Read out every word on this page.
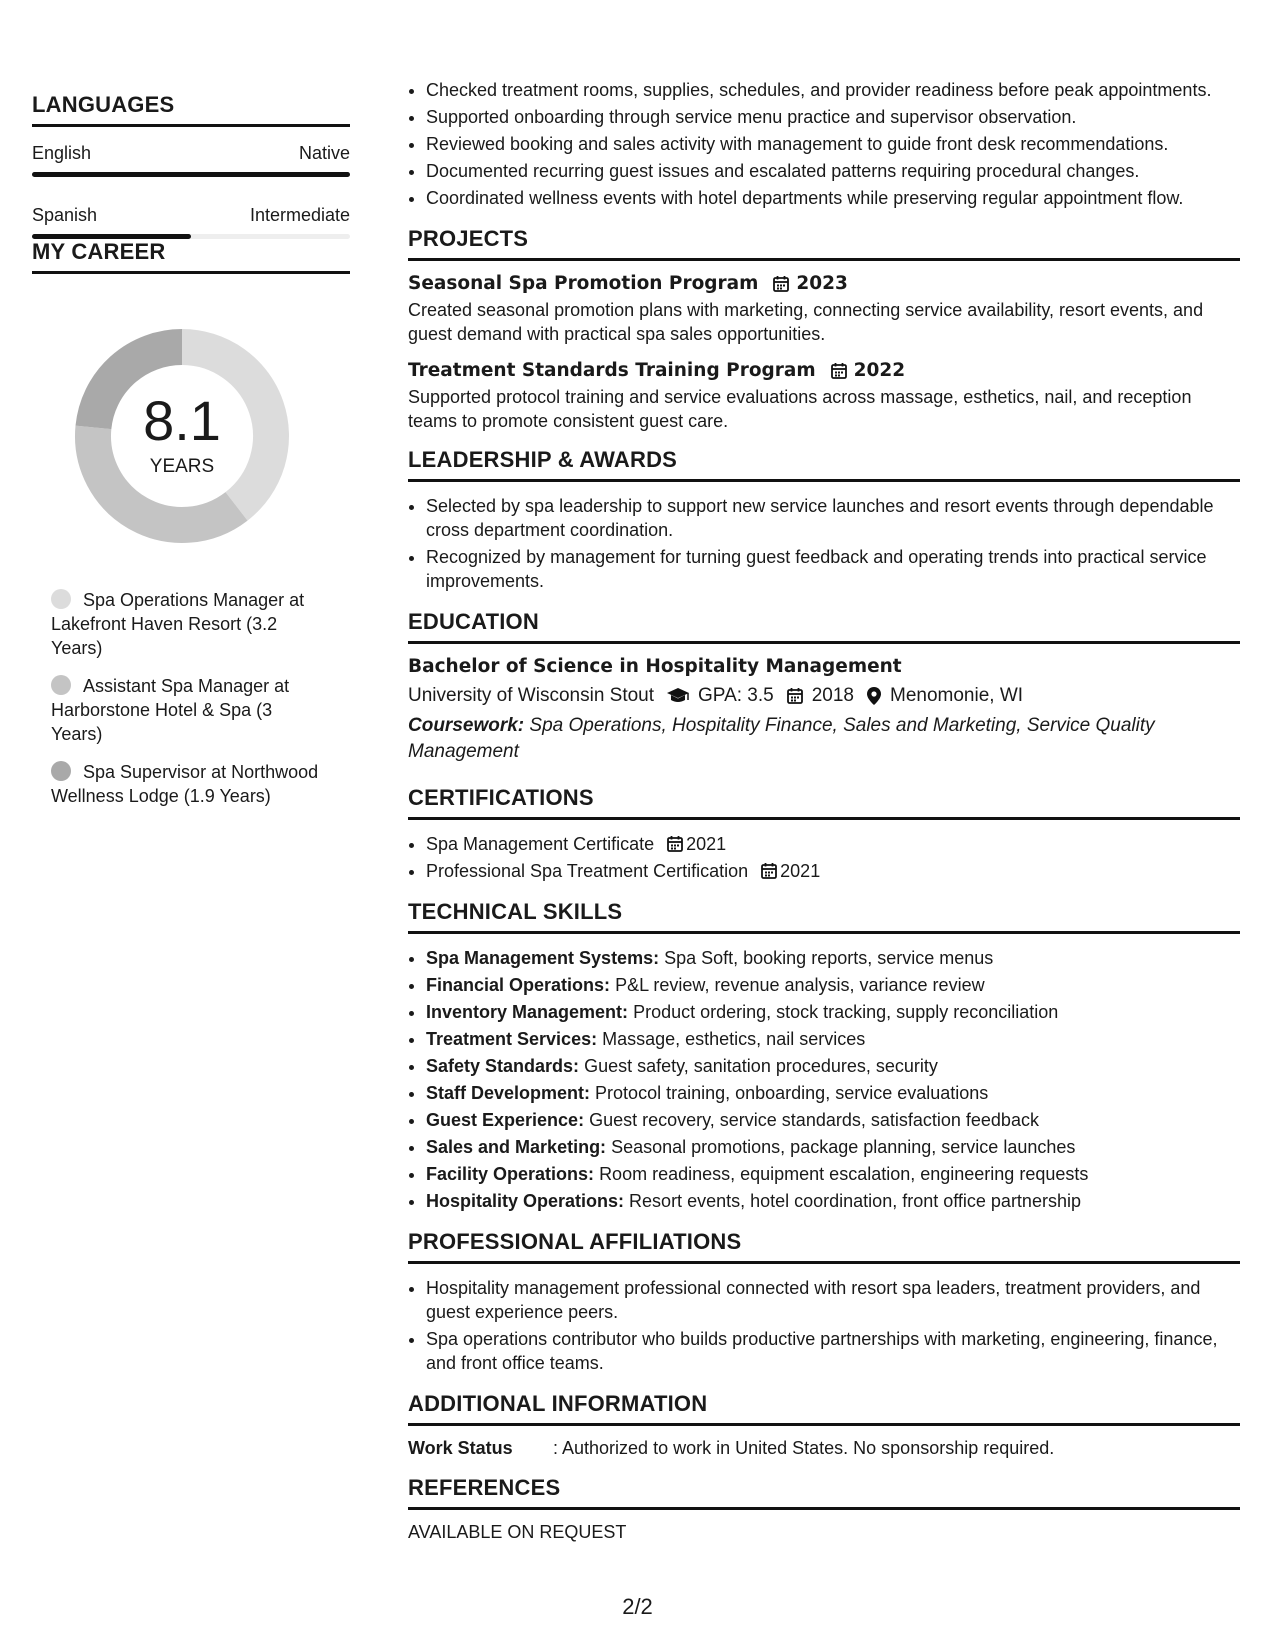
LANGUAGES
English	Native
Spanish	Intermediate
MY CAREER
8.1
YEARS
Spa Operations Manager at Lakefront Haven Resort (3.2 Years)
Assistant Spa Manager at Harborstone Hotel & Spa (3 Years)
Spa Supervisor at Northwood Wellness Lodge (1.9 Years)
• Checked treatment rooms, supplies, schedules, and provider readiness before peak appointments.
• Supported onboarding through service menu practice and supervisor observation.
• Reviewed booking and sales activity with management to guide front desk recommendations.
• Documented recurring guest issues and escalated patterns requiring procedural changes.
• Coordinated wellness events with hotel departments while preserving regular appointment flow.
PROJECTS
Seasonal Spa Promotion Program 2023
Created seasonal promotion plans with marketing, connecting service availability, resort events, and guest demand with practical spa sales opportunities.
Treatment Standards Training Program 2022
Supported protocol training and service evaluations across massage, esthetics, nail, and reception teams to promote consistent guest care.
LEADERSHIP & AWARDS
• Selected by spa leadership to support new service launches and resort events through dependable cross department coordination.
• Recognized by management for turning guest feedback and operating trends into practical service improvements.
EDUCATION
Bachelor of Science in Hospitality Management
University of Wisconsin Stout GPA: 3.5 2018 Menomonie, WI
Coursework: Spa Operations, Hospitality Finance, Sales and Marketing, Service Quality Management
CERTIFICATIONS
• Spa Management Certificate 2021
• Professional Spa Treatment Certification 2021
TECHNICAL SKILLS
• Spa Management Systems: Spa Soft, booking reports, service menus
• Financial Operations: P&L review, revenue analysis, variance review
• Inventory Management: Product ordering, stock tracking, supply reconciliation
• Treatment Services: Massage, esthetics, nail services
• Safety Standards: Guest safety, sanitation procedures, security
• Staff Development: Protocol training, onboarding, service evaluations
• Guest Experience: Guest recovery, service standards, satisfaction feedback
• Sales and Marketing: Seasonal promotions, package planning, service launches
• Facility Operations: Room readiness, equipment escalation, engineering requests
• Hospitality Operations: Resort events, hotel coordination, front office partnership
PROFESSIONAL AFFILIATIONS
• Hospitality management professional connected with resort spa leaders, treatment providers, and guest experience peers.
• Spa operations contributor who builds productive partnerships with marketing, engineering, finance, and front office teams.
ADDITIONAL INFORMATION
Work Status	: Authorized to work in United States. No sponsorship required.
REFERENCES
AVAILABLE ON REQUEST
2/2
